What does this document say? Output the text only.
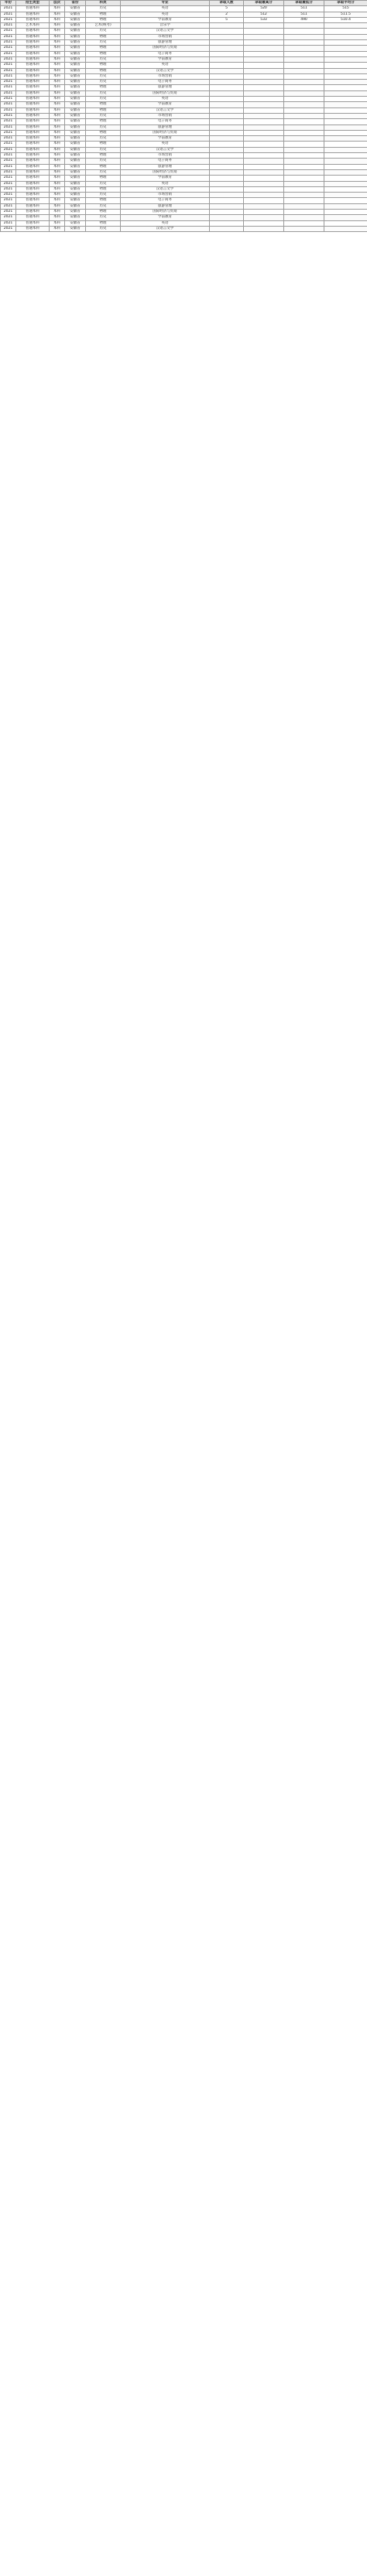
年份	招生类型	层次	省份	科类	专业	录取人数	录取最高分	录取最低分	录取平均分
2021	普通本科	本科	安徽省	历史	英语	5	520	511	515
2021	普通本科	本科	安徽省	物理	英语	2	512	511	511.5
2021	普通本科	本科	安徽省	物理	学前教育	5	533	490	510.4
2021	艺术本科	本科	安徽省	艺术(统考)	音乐学				
2021	普通本科	本科	安徽省	历史	汉语言文学				
2021	普通本科	本科	安徽省	物理	市场营销				
2021	普通本科	本科	安徽省	历史	旅游管理				
2021	普通本科	本科	安徽省	物理	国际经济与贸易				
2021	普通本科	本科	安徽省	物理	电子商务				
2021	普通本科	本科	安徽省	历史	学前教育				
2021	普通本科	本科	安徽省	物理	英语				
2021	普通本科	本科	安徽省	物理	汉语言文学				
2021	普通本科	本科	安徽省	历史	市场营销				
2021	普通本科	本科	安徽省	历史	电子商务				
2021	普通本科	本科	安徽省	物理	旅游管理				
2021	普通本科	本科	安徽省	历史	国际经济与贸易				
2021	普通本科	本科	安徽省	历史	英语				
2021	普通本科	本科	安徽省	物理	学前教育				
2021	普通本科	本科	安徽省	物理	汉语言文学				
2021	普通本科	本科	安徽省	历史	市场营销				
2021	普通本科	本科	安徽省	物理	电子商务				
2021	普通本科	本科	安徽省	历史	旅游管理				
2021	普通本科	本科	安徽省	物理	国际经济与贸易				
2021	普通本科	本科	安徽省	历史	学前教育				
2021	普通本科	本科	安徽省	物理	英语				
2021	普通本科	本科	安徽省	历史	汉语言文学				
2021	普通本科	本科	安徽省	物理	市场营销				
2021	普通本科	本科	安徽省	历史	电子商务				
2021	普通本科	本科	安徽省	物理	旅游管理				
2021	普通本科	本科	安徽省	历史	国际经济与贸易				
2021	普通本科	本科	安徽省	物理	学前教育				
2021	普通本科	本科	安徽省	历史	英语				
2021	普通本科	本科	安徽省	物理	汉语言文学				
2021	普通本科	本科	安徽省	历史	市场营销				
2021	普通本科	本科	安徽省	物理	电子商务				
2021	普通本科	本科	安徽省	历史	旅游管理				
2021	普通本科	本科	安徽省	物理	国际经济与贸易				
2021	普通本科	本科	安徽省	历史	学前教育				
2021	普通本科	本科	安徽省	物理	英语				
2021	普通本科	本科	安徽省	历史	汉语言文学				
